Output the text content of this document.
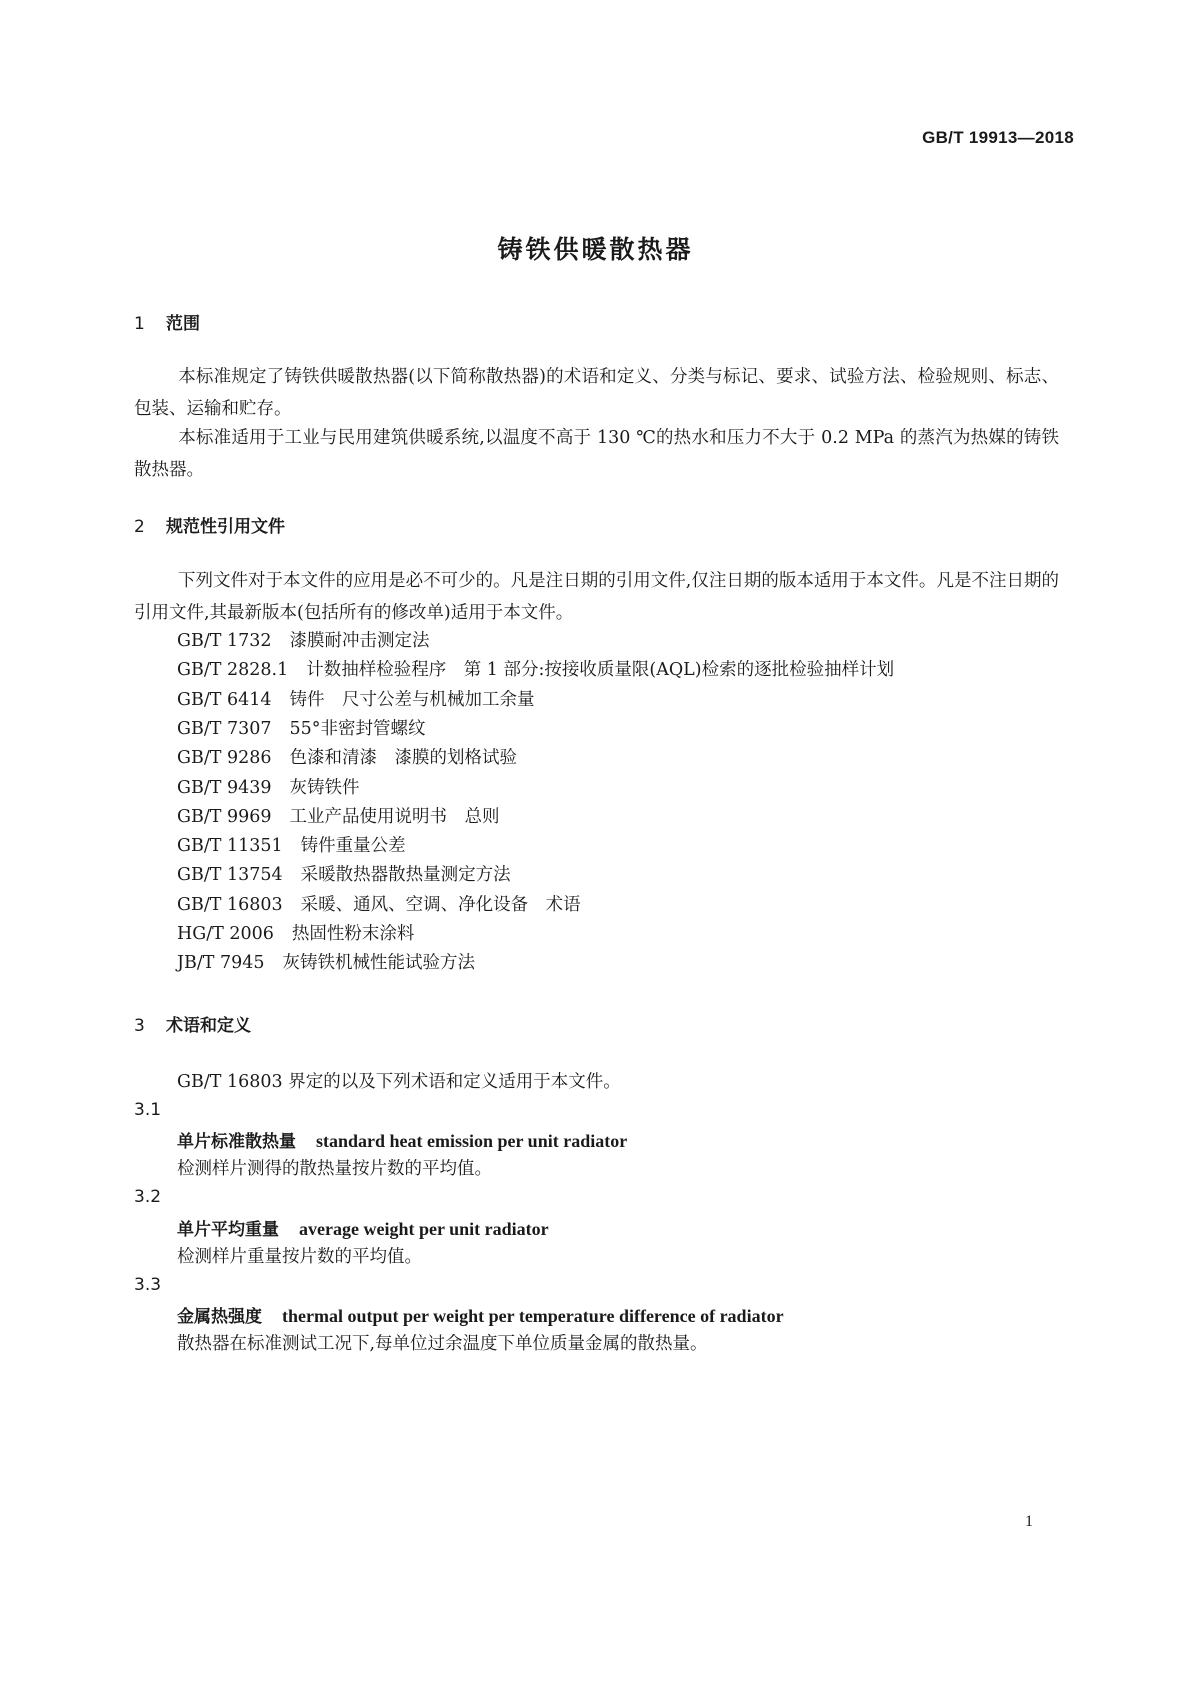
GB/T 19913—2018
铸铁供暖散热器
1 范围
本标准规定了铸铁供暖散热器(以下简称散热器)的术语和定义、分类与标记、要求、试验方法、检验规则、标志、包装、运输和贮存。
本标准适用于工业与民用建筑供暖系统,以温度不高于 130 ℃的热水和压力不大于 0.2 MPa 的蒸汽为热媒的铸铁散热器。
2 规范性引用文件
下列文件对于本文件的应用是必不可少的。凡是注日期的引用文件,仅注日期的版本适用于本文件。凡是不注日期的引用文件,其最新版本(包括所有的修改单)适用于本文件。
GB/T 1732 漆膜耐冲击测定法
GB/T 2828.1 计数抽样检验程序　第 1 部分:按接收质量限(AQL)检索的逐批检验抽样计划
GB/T 6414 铸件　尺寸公差与机械加工余量
GB/T 7307 55°非密封管螺纹
GB/T 9286 色漆和清漆　漆膜的划格试验
GB/T 9439 灰铸铁件
GB/T 9969 工业产品使用说明书　总则
GB/T 11351 铸件重量公差
GB/T 13754 采暖散热器散热量测定方法
GB/T 16803 采暖、通风、空调、净化设备　术语
HG/T 2006 热固性粉末涂料
JB/T 7945 灰铸铁机械性能试验方法
3 术语和定义
GB/T 16803 界定的以及下列术语和定义适用于本文件。
3.1
单片标准散热量 standard heat emission per unit radiator
检测样片测得的散热量按片数的平均值。
3.2
单片平均重量 average weight per unit radiator
检测样片重量按片数的平均值。
3.3
金属热强度 thermal output per weight per temperature difference of radiator
散热器在标准测试工况下,每单位过余温度下单位质量金属的散热量。
1
